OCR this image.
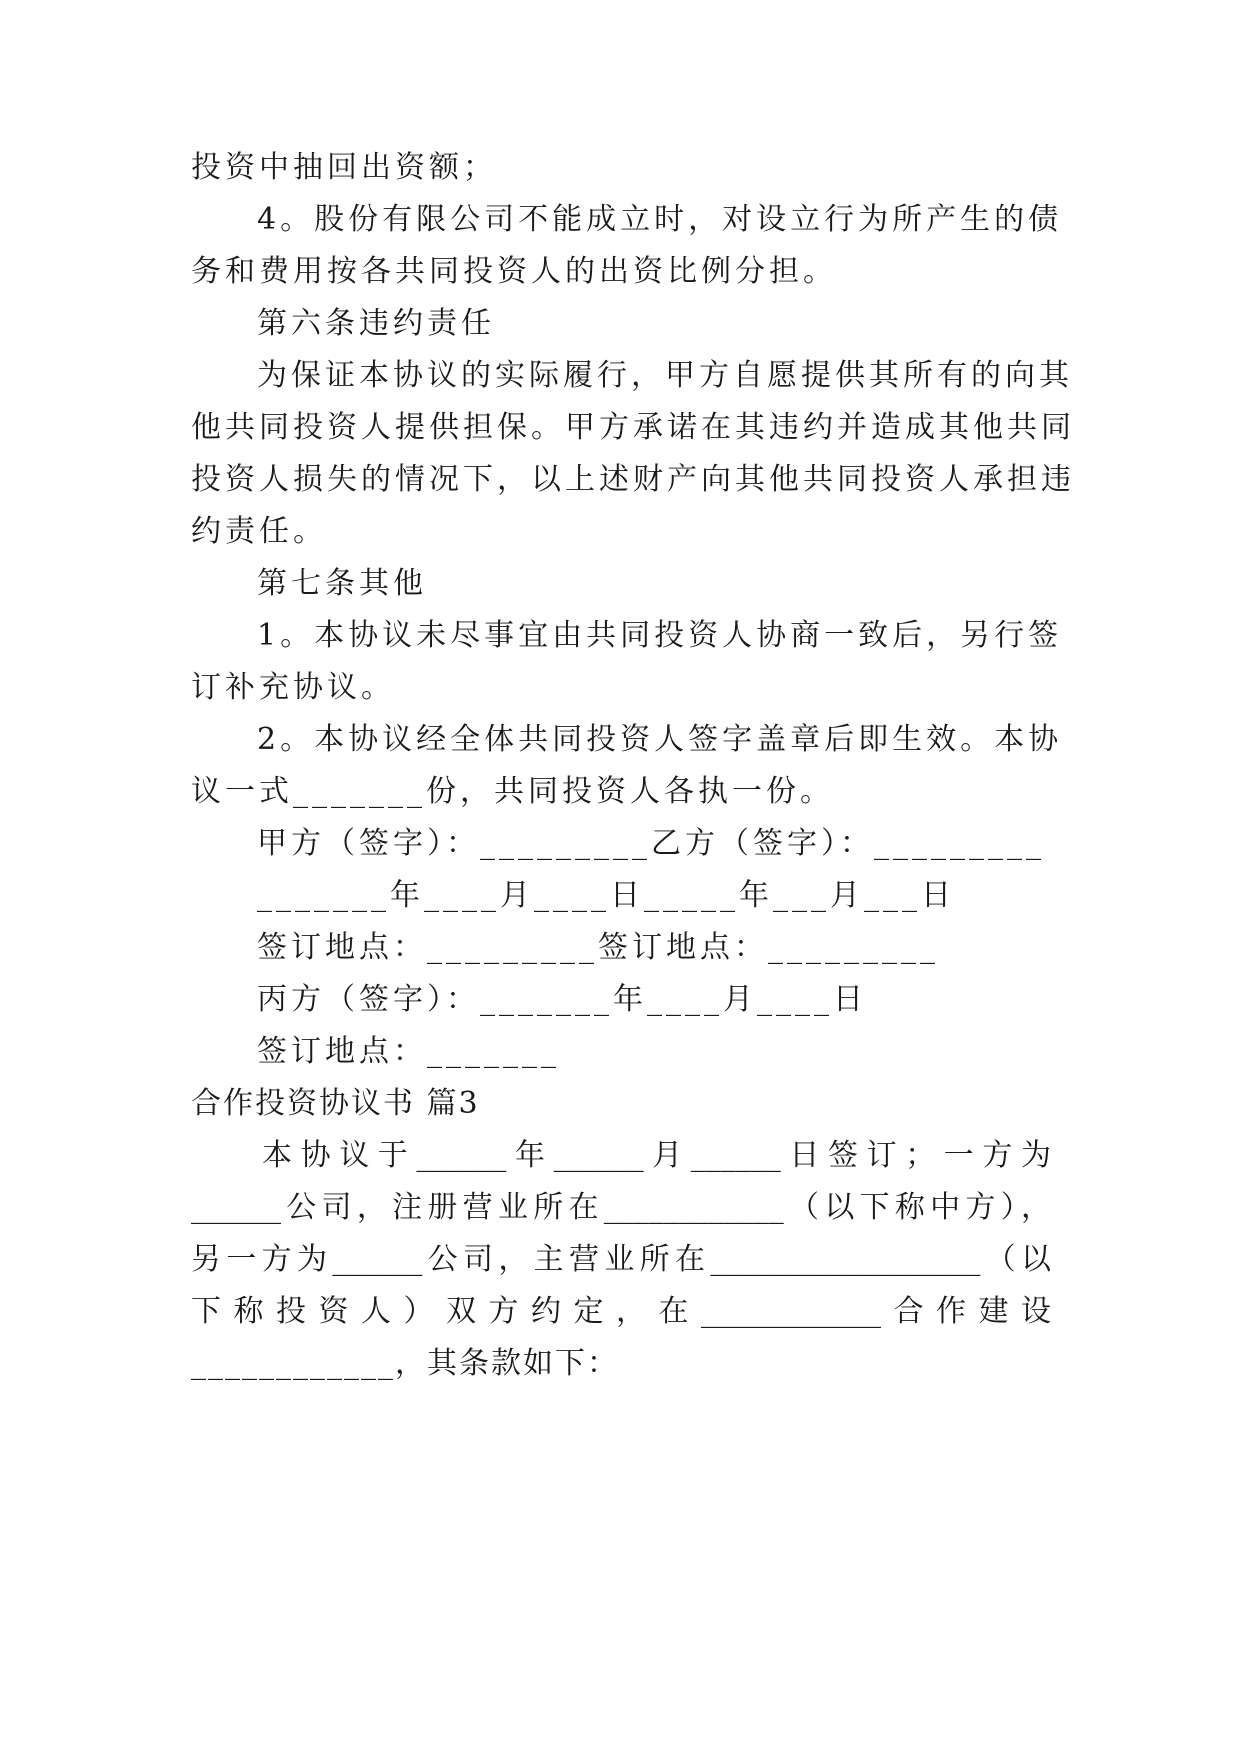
投资中抽回出资额；
4。股份有限公司不能成立时，对设立行为所产生的债
务和费用按各共同投资人的出资比例分担。
第六条违约责任
为保证本协议的实际履行，甲方自愿提供其所有的向其
他共同投资人提供担保。甲方承诺在其违约并造成其他共同
投资人损失的情况下，以上述财产向其他共同投资人承担违
约责任。
第七条其他
1。本协议未尽事宜由共同投资人协商一致后，另行签
订补充协议。
2。本协议经全体共同投资人签字盖章后即生效。本协
议一式_______份，共同投资人各执一份。
甲方（签字）：_________乙方（签字）：_________
_______年____月____日_____年___月___日
签订地点：_________签订地点：_________
丙方（签字）：_______年____月____日
签订地点：_______
合作投资协议书 篇3
本协议于______年______月______日签订；一方为
______公司，注册营业所在____________（以下称中方），
另一方为______公司，主营业所在__________________（以
下称投资人）双方约定，在____________合作建设
____________，其条款如下：
